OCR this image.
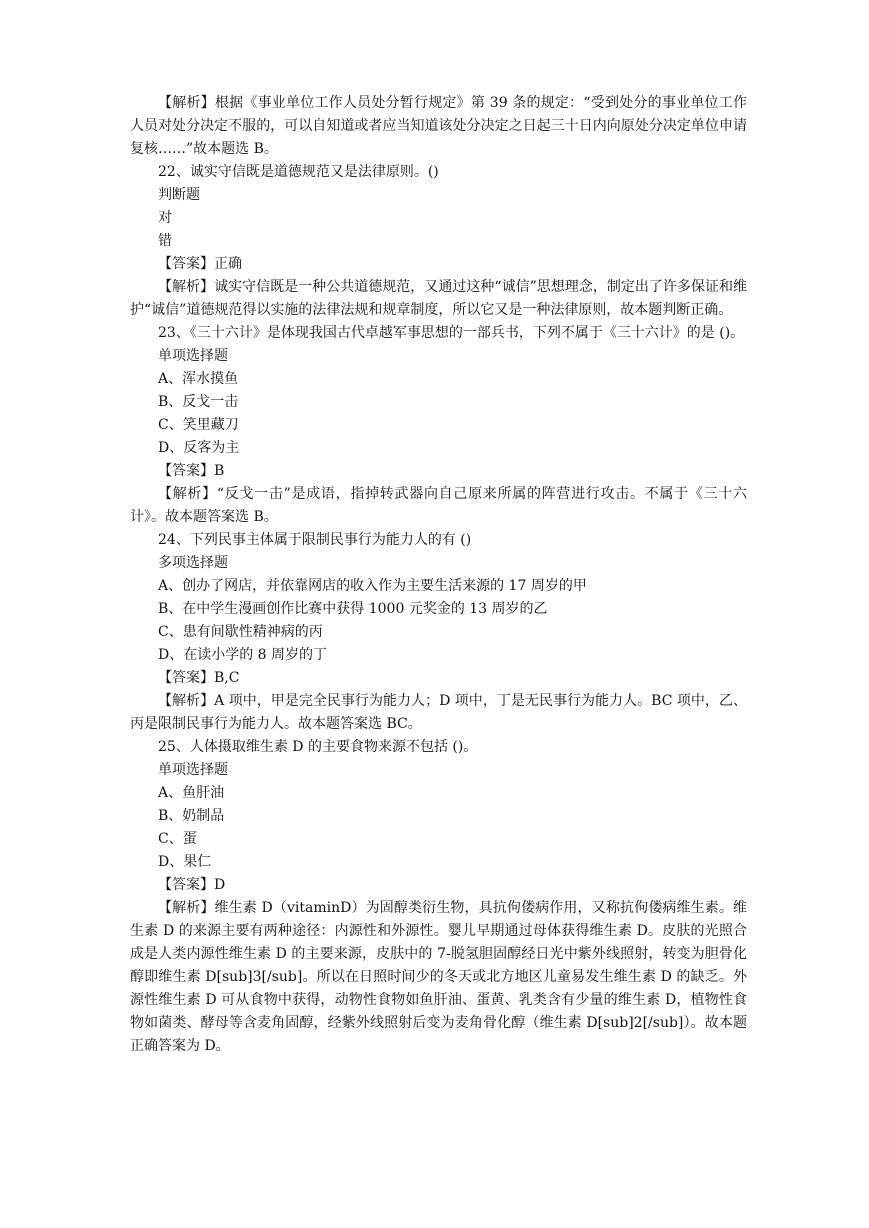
【解析】根据《事业单位工作人员处分暂行规定》第 39 条的规定：“受到处分的事业单位工作人员对处分决定不服的，可以自知道或者应当知道该处分决定之日起三十日内向原处分决定单位申请复核……”故本题选 B。

22、诚实守信既是道德规范又是法律原则。()

判断题

对

错

【答案】正确

【解析】诚实守信既是一种公共道德规范，又通过这种“诚信”思想理念，制定出了许多保证和维护“诚信”道德规范得以实施的法律法规和规章制度，所以它又是一种法律原则，故本题判断正确。

23、《三十六计》是体现我国古代卓越军事思想的一部兵书，下列不属于《三十六计》的是 ()。

单项选择题

A、浑水摸鱼

B、反戈一击

C、笑里藏刀

D、反客为主

【答案】B

【解析】“反戈一击”是成语，指掉转武器向自己原来所属的阵营进行攻击。不属于《三十六计》。故本题答案选 B。

24、下列民事主体属于限制民事行为能力人的有 ()

多项选择题

A、创办了网店，并依靠网店的收入作为主要生活来源的 17 周岁的甲

B、在中学生漫画创作比赛中获得 1000 元奖金的 13 周岁的乙

C、患有间歇性精神病的丙

D、在读小学的 8 周岁的丁

【答案】B,C

【解析】A 项中，甲是完全民事行为能力人；D 项中，丁是无民事行为能力人。BC 项中，乙、丙是限制民事行为能力人。故本题答案选 BC。

25、人体摄取维生素 D 的主要食物来源不包括 ()。

单项选择题

A、鱼肝油

B、奶制品

C、蛋

D、果仁

【答案】D

【解析】维生素 D（vitaminD）为固醇类衍生物，具抗佝偻病作用，又称抗佝偻病维生素。维生素 D 的来源主要有两种途径：内源性和外源性。婴儿早期通过母体获得维生素 D。皮肤的光照合成是人类内源性维生素 D 的主要来源，皮肤中的 7-脱氢胆固醇经日光中紫外线照射，转变为胆骨化醇即维生素 D[sub]3[/sub]。所以在日照时间少的冬天或北方地区儿童易发生维生素 D 的缺乏。外源性维生素 D 可从食物中获得，动物性食物如鱼肝油、蛋黄、乳类含有少量的维生素 D，植物性食物如菌类、酵母等含麦角固醇，经紫外线照射后变为麦角骨化醇（维生素 D[sub]2[/sub]）。故本题正确答案为 D。
